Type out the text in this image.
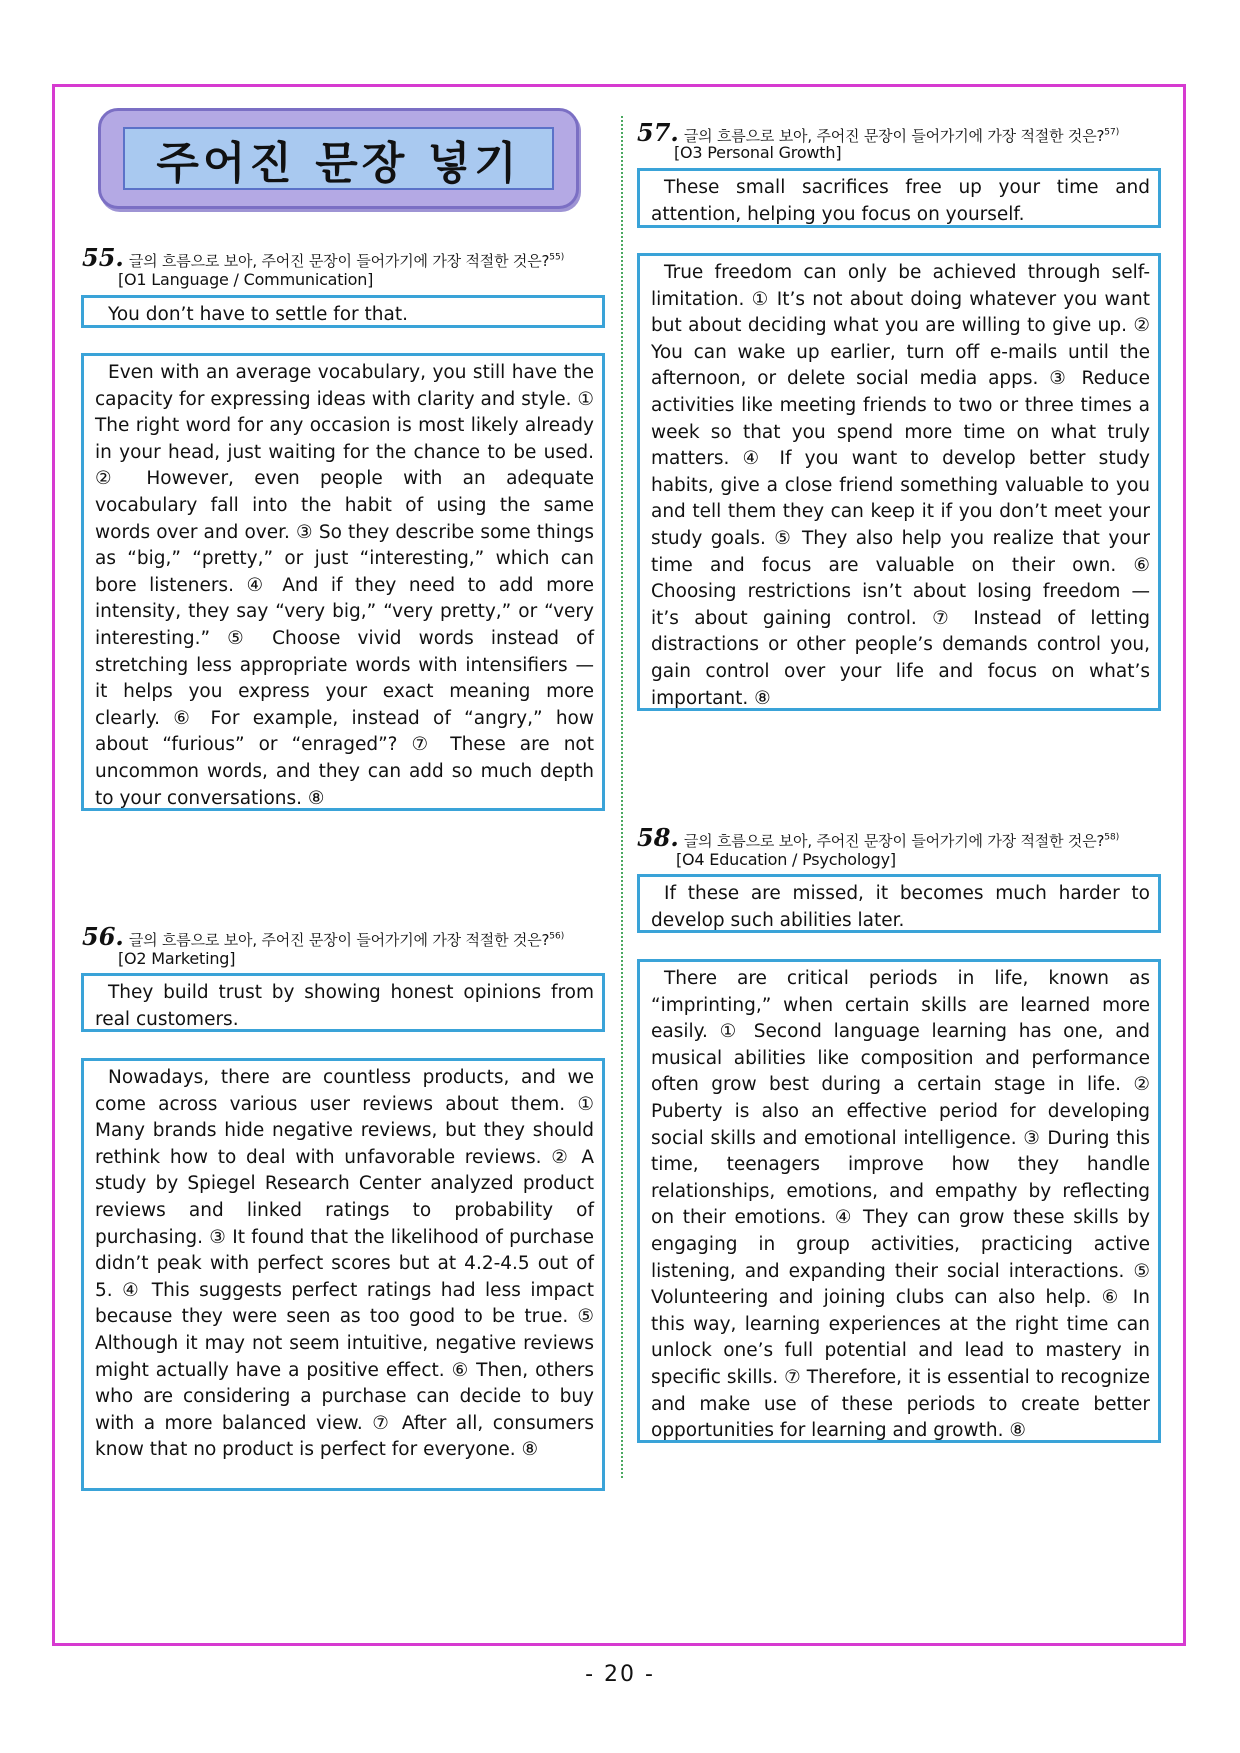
주어진 문장 넣기
55. 글의 흐름으로 보아, 주어진 문장이 들어가기에 가장 적절한 것은?$^{55)}$
[O1 Language / Communication]

You don’t have to settle for that.

Even with an average vocabulary, you still have the capacity for expressing ideas with clarity and style. ① The right word for any occasion is most likely already in your head, just waiting for the chance to be used. ② However, even people with an adequate vocabulary fall into the habit of using the same words over and over. ③ So they describe some things as “big,” “pretty,” or just “interesting,” which can bore listeners. ④ And if they need to add more intensity, they say “very big,” “very pretty,” or “very interesting.” ⑤ Choose vivid words instead of stretching less appropriate words with intensifiers — it helps you express your exact meaning more clearly. ⑥ For example, instead of “angry,” how about “furious” or “enraged”? ⑦ These are not uncommon words, and they can add so much depth to your conversations. ⑧

56. 글의 흐름으로 보아, 주어진 문장이 들어가기에 가장 적절한 것은?$^{56)}$
[O2 Marketing]

They build trust by showing honest opinions from real customers.

Nowadays, there are countless products, and we come across various user reviews about them. ① Many brands hide negative reviews, but they should rethink how to deal with unfavorable reviews. ② A study by Spiegel Research Center analyzed product reviews and linked ratings to probability of purchasing. ③ It found that the likelihood of purchase didn’t peak with perfect scores but at 4.2-4.5 out of 5. ④ This suggests perfect ratings had less impact because they were seen as too good to be true. ⑤ Although it may not seem intuitive, negative reviews might actually have a positive effect. ⑥ Then, others who are considering a purchase can decide to buy with a more balanced view. ⑦ After all, consumers know that no product is perfect for everyone. ⑧

57. 글의 흐름으로 보아, 주어진 문장이 들어가기에 가장 적절한 것은?$^{57)}$
[O3 Personal Growth]

These small sacrifices free up your time and attention, helping you focus on yourself.

True freedom can only be achieved through self-limitation. ① It’s not about doing whatever you want but about deciding what you are willing to give up. ② You can wake up earlier, turn off e-mails until the afternoon, or delete social media apps. ③ Reduce activities like meeting friends to two or three times a week so that you spend more time on what truly matters. ④ If you want to develop better study habits, give a close friend something valuable to you and tell them they can keep it if you don’t meet your study goals. ⑤ They also help you realize that your time and focus are valuable on their own. ⑥ Choosing restrictions isn’t about losing freedom — it’s about gaining control. ⑦ Instead of letting distractions or other people’s demands control you, gain control over your life and focus on what’s important. ⑧

58. 글의 흐름으로 보아, 주어진 문장이 들어가기에 가장 적절한 것은?$^{58)}$
[O4 Education / Psychology]

If these are missed, it becomes much harder to develop such abilities later.

There are critical periods in life, known as “imprinting,” when certain skills are learned more easily. ① Second language learning has one, and musical abilities like composition and performance often grow best during a certain stage in life. ② Puberty is also an effective period for developing social skills and emotional intelligence. ③ During this time, teenagers improve how they handle relationships, emotions, and empathy by reflecting on their emotions. ④ They can grow these skills by engaging in group activities, practicing active listening, and expanding their social interactions. ⑤ Volunteering and joining clubs can also help. ⑥ In this way, learning experiences at the right time can unlock one’s full potential and lead to mastery in specific skills. ⑦ Therefore, it is essential to recognize and make use of these periods to create better opportunities for learning and growth. ⑧

- 20 -
